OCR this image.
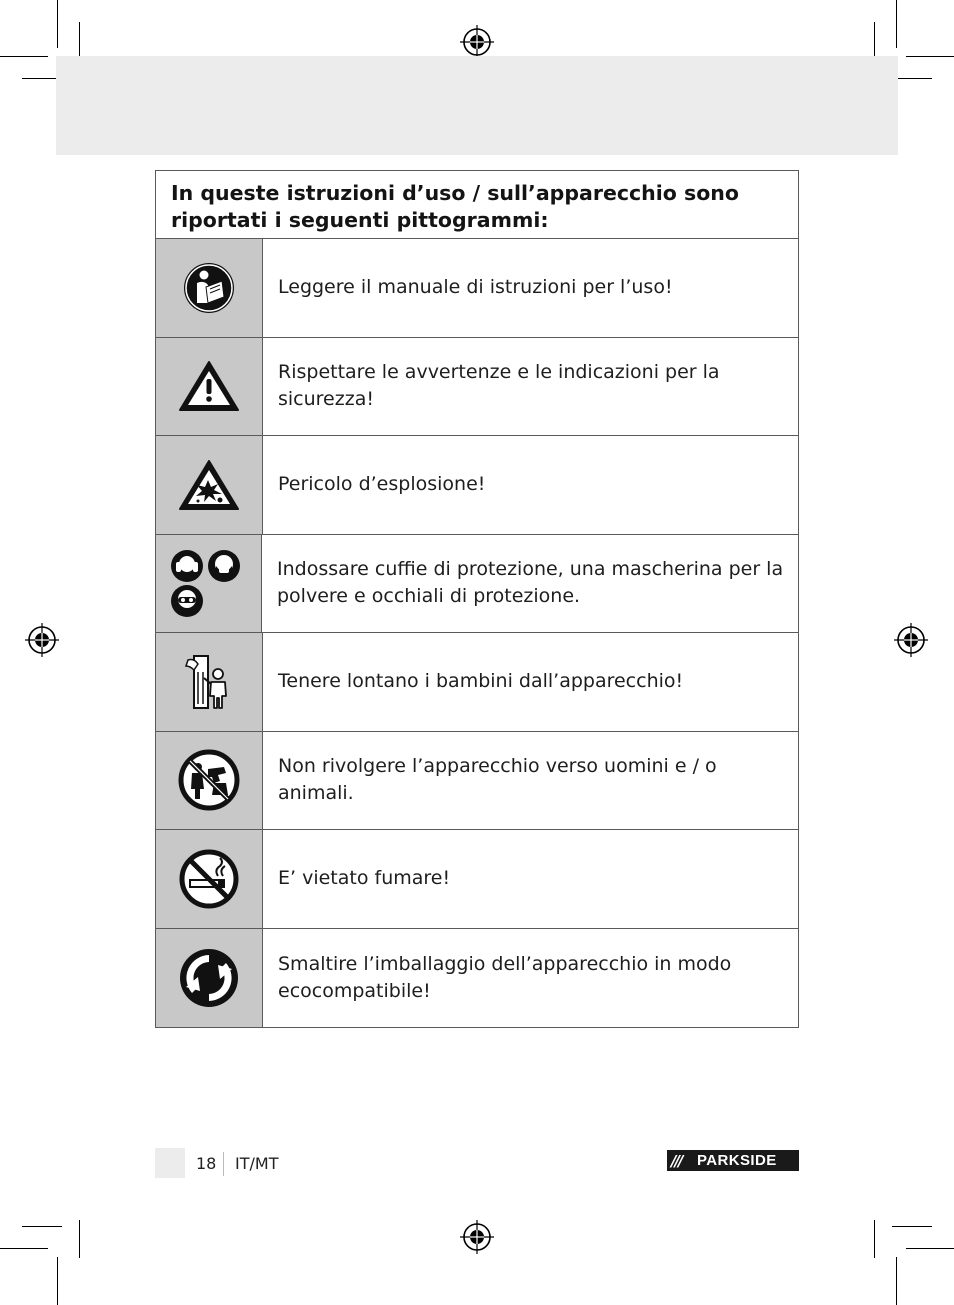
In queste istruzioni d’uso / sull’apparecchio sono riportati i seguenti pittogrammi:
Leggere il manuale di istruzioni per l’uso!
Rispettare le avvertenze e le indicazioni per la sicurezza!
Pericolo d’esplosione!
Indossare cuffie di protezione, una mascherina per la polvere e occhiali di protezione.
Tenere lontano i bambini dall’apparecchio!
Non rivolgere l’apparecchio verso uomini e / o animali.
E’ vietato fumare!
Smaltire l’imballaggio dell’apparecchio in modo ecocompatibile!
18 IT/MT	///	PARKSIDE
